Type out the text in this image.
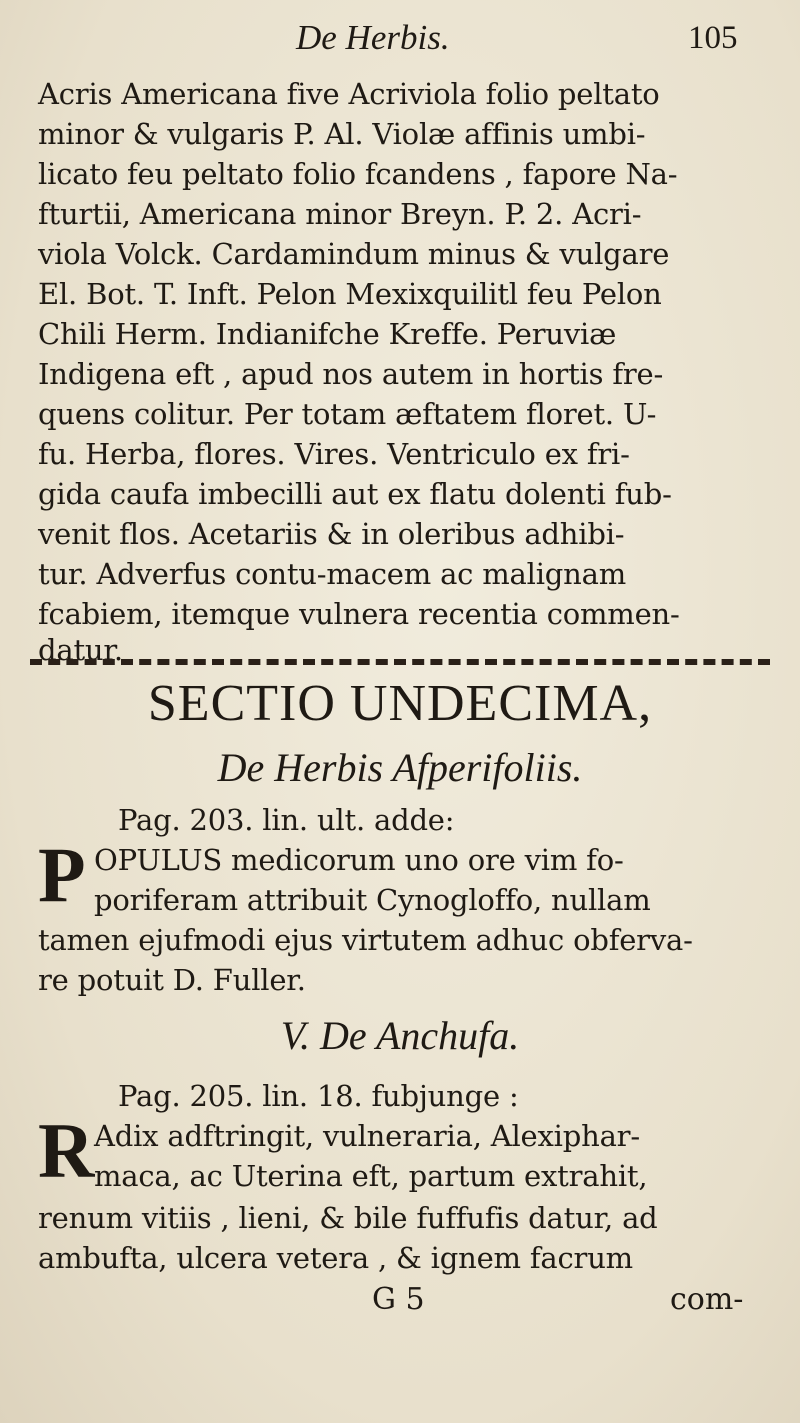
De Herbis.	105
Acris Americana five Acriviola folio peltato
minor & vulgaris P. Al. Violæ affinis umbi-
licato feu peltato folio fcandens , fapore Na-
fturtii, Americana minor Breyn. P. 2. Acri-
viola Volck. Cardamindum minus & vulgare
El. Bot. T. Inft. Pelon Mexixquilitl feu Pelon
Chili Herm. Indianifche Kreffe. Peruviæ
Indigena eft , apud nos autem in hortis fre-
quens colitur. Per totam æftatem floret. U-
fu. Herba, flores. Vires. Ventriculo ex fri-
gida caufa imbecilli aut ex flatu dolenti fub-
venit flos. Acetariis & in oleribus adhibi-
tur. Adverfus contu-macem ac malignam
fcabiem, itemque vulnera recentia commen-
datur.
SECTIO UNDECIMA,
De Herbis Afperifoliis.
Pag. 203. lin. ult. adde:
P OPULUS medicorum uno ore vim fo-
poriferam attribuit Cynogloffo, nullam
tamen ejufmodi ejus virtutem adhuc obferva-
re potuit D. Fuller.
V. De Anchufa.
Pag. 205. lin. 18. fubjunge :
R Adix adftringit, vulneraria, Alexiphar-
maca, ac Uterina eft, partum extrahit,
renum vitiis , lieni, & bile fuffufis datur, ad
ambufta, ulcera vetera , & ignem facrum
G 5	com-
